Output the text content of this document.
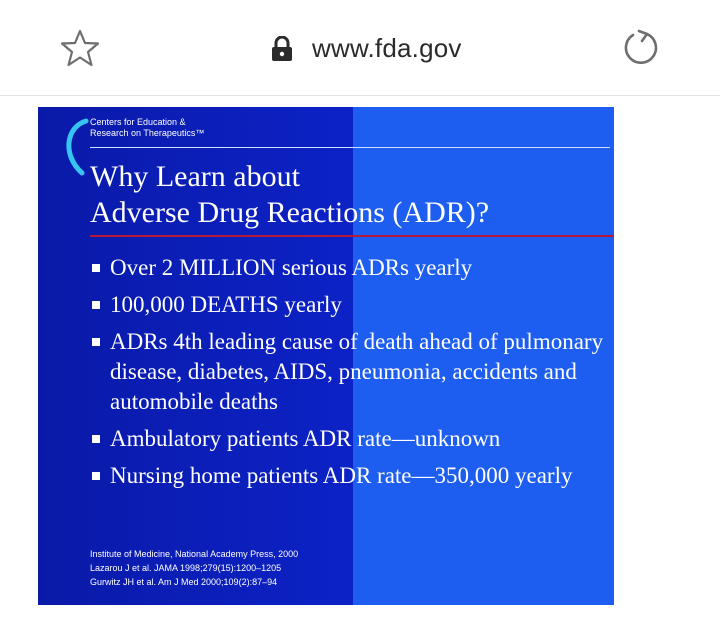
www.fda.gov
Centers for Education &
Research on Therapeutics™
Why Learn about
Adverse Drug Reactions (ADR)?
Over 2 MILLION serious ADRs yearly
100,000 DEATHS yearly
ADRs 4th leading cause of death ahead of pulmonary disease, diabetes, AIDS, pneumonia, accidents and automobile deaths
Ambulatory patients ADR rate—unknown
Nursing home patients ADR rate—350,000 yearly
Institute of Medicine, National Academy Press, 2000
Lazarou J et al. JAMA 1998;279(15):1200–1205
Gurwitz JH et al. Am J Med 2000;109(2):87–94
